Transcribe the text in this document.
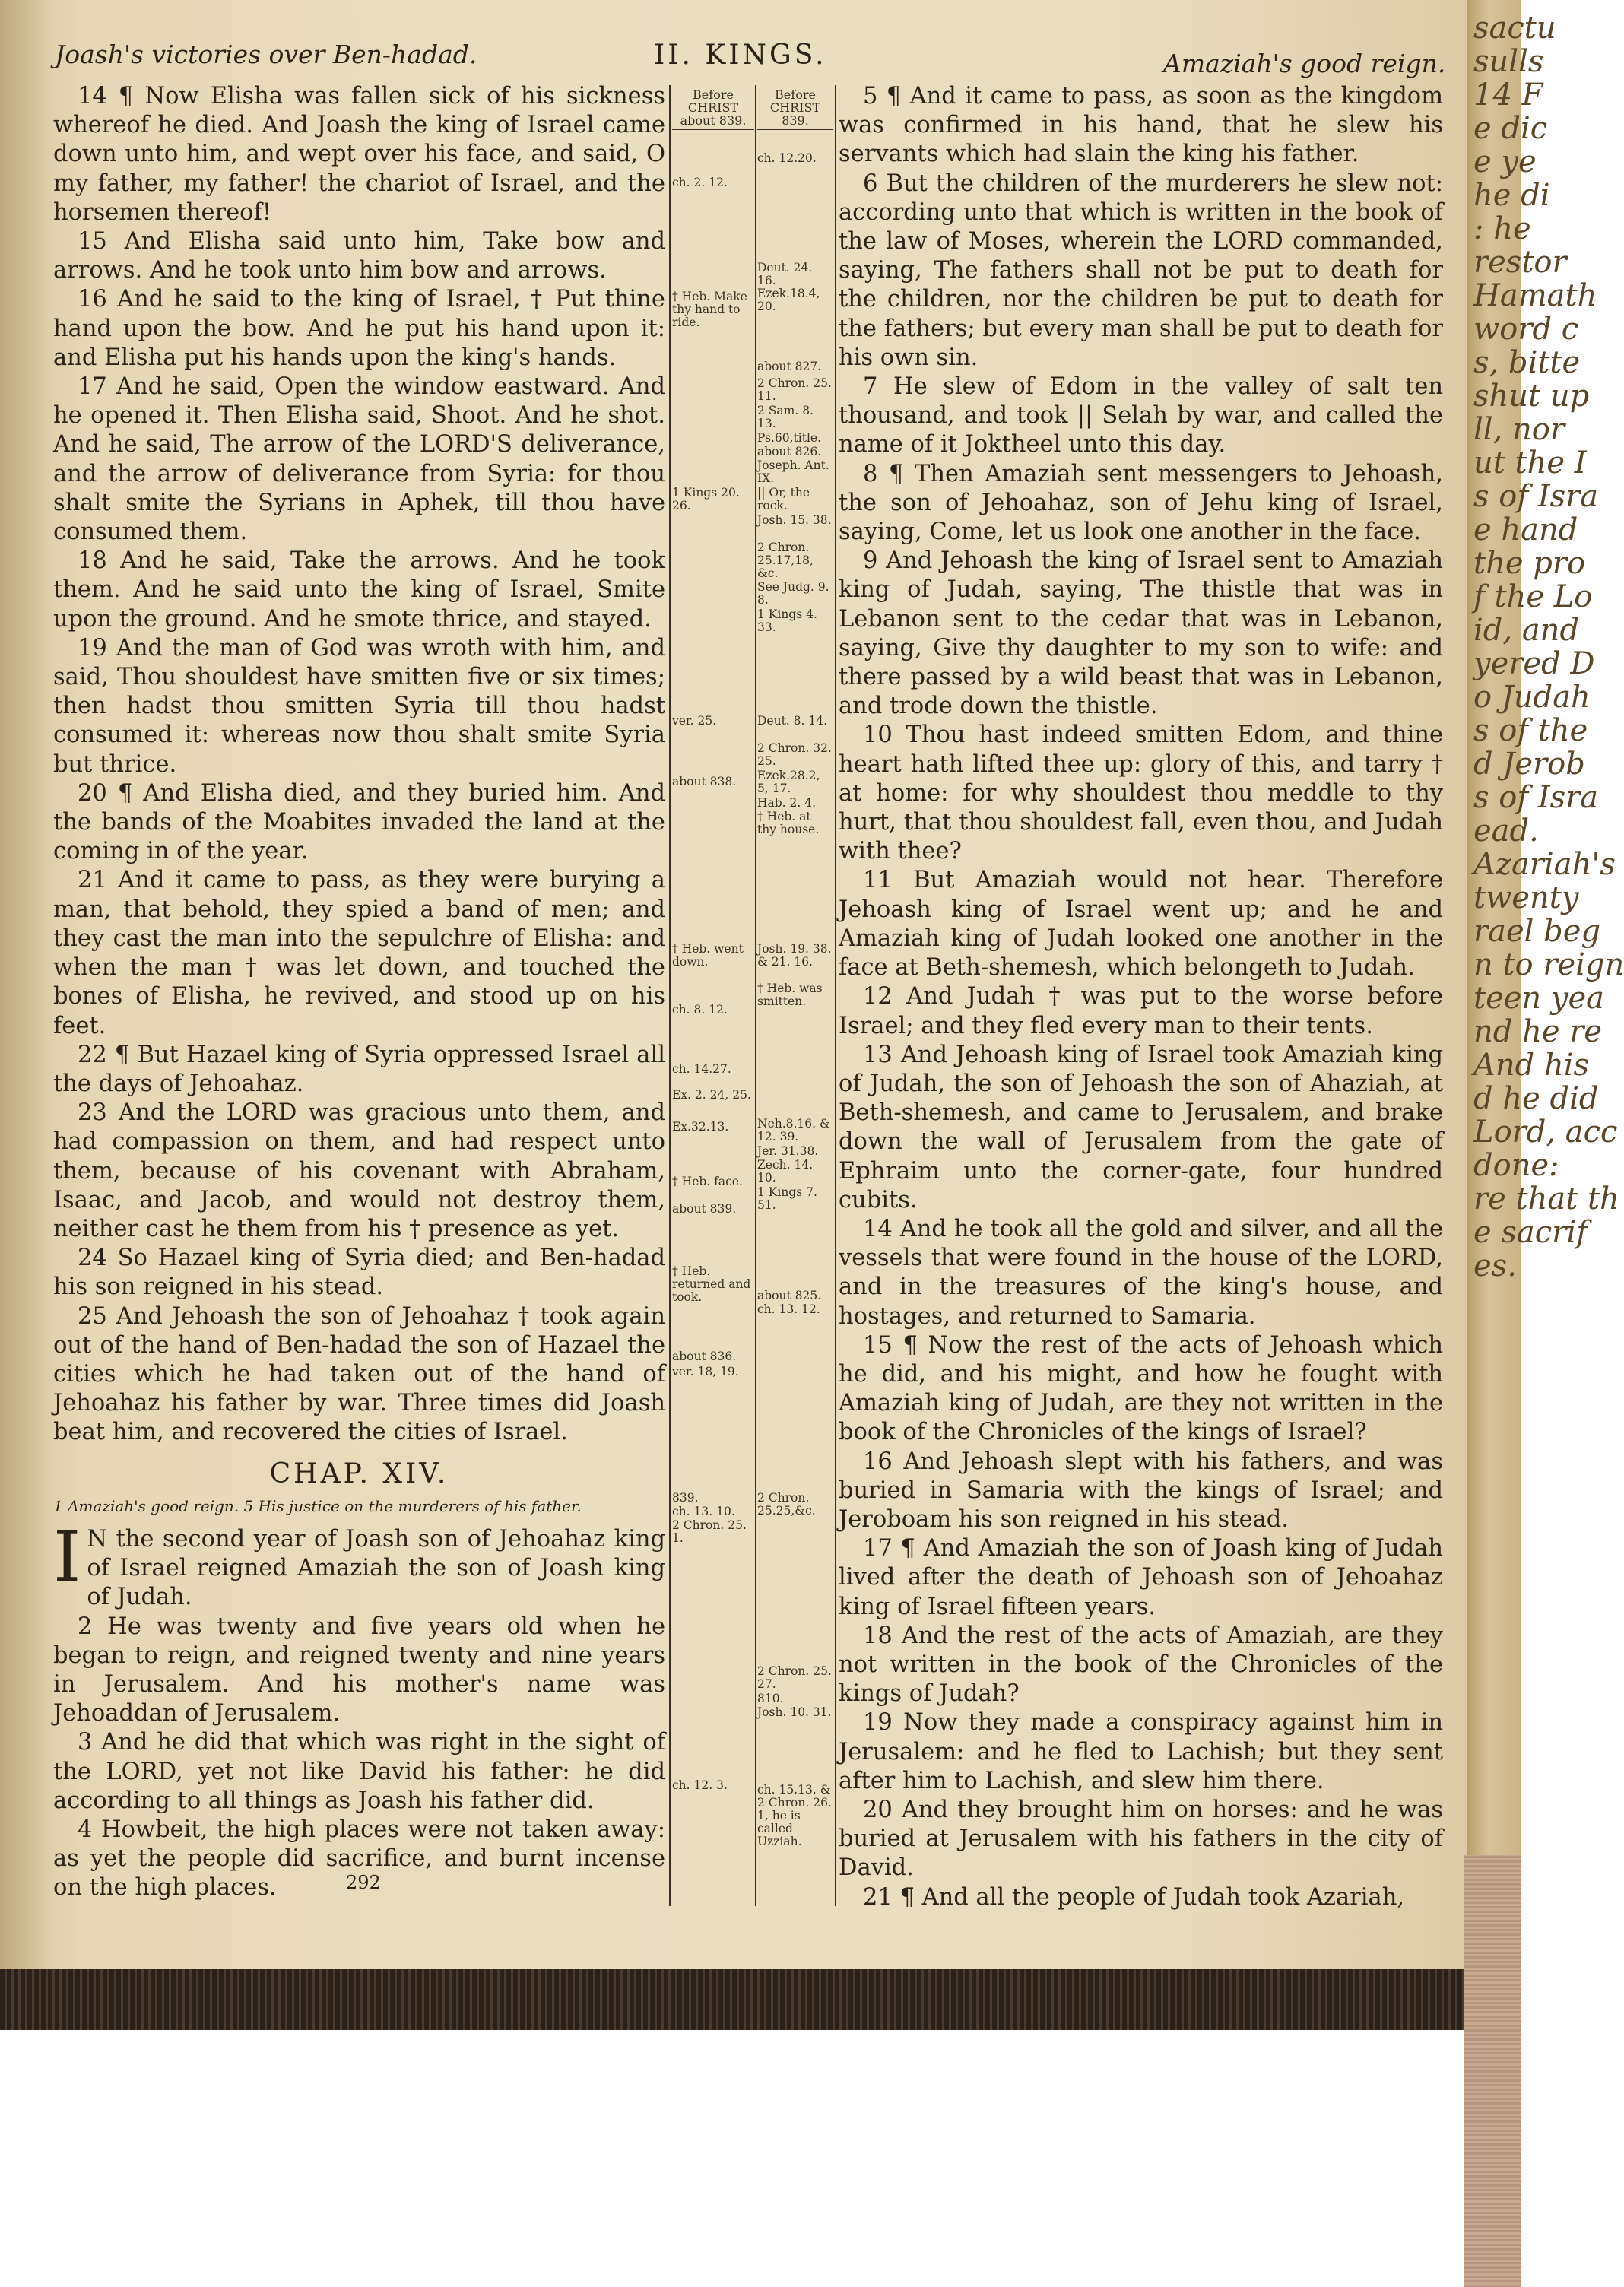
Joash's victories over Ben-hadad.	II. KINGS.	Amaziah's good reign.

14 ¶ Now Elisha was fallen sick of his sickness whereof he died. And Joash the king of Israel came down unto him, and wept over his face, and said, O my father, my father! the chariot of Israel, and the horsemen thereof!

15 And Elisha said unto him, Take bow and arrows. And he took unto him bow and arrows.

16 And he said to the king of Israel, † Put thine hand upon the bow. And he put his hand upon it: and Elisha put his hands upon the king's hands.

17 And he said, Open the window eastward. And he opened it. Then Elisha said, Shoot. And he shot. And he said, The arrow of the LORD'S deliverance, and the arrow of deliverance from Syria: for thou shalt smite the Syrians in Aphek, till thou have consumed them.

18 And he said, Take the arrows. And he took them. And he said unto the king of Israel, Smite upon the ground. And he smote thrice, and stayed.

19 And the man of God was wroth with him, and said, Thou shouldest have smitten five or six times; then hadst thou smitten Syria till thou hadst consumed it: whereas now thou shalt smite Syria but thrice.

20 ¶ And Elisha died, and they buried him. And the bands of the Moabites invaded the land at the coming in of the year.

21 And it came to pass, as they were burying a man, that behold, they spied a band of men; and they cast the man into the sepulchre of Elisha: and when the man † was let down, and touched the bones of Elisha, he revived, and stood up on his feet.

22 ¶ But Hazael king of Syria oppressed Israel all the days of Jehoahaz.

23 And the LORD was gracious unto them, and had compassion on them, and had respect unto them, because of his covenant with Abraham, Isaac, and Jacob, and would not destroy them, neither cast he them from his † presence as yet.

24 So Hazael king of Syria died; and Ben-hadad his son reigned in his stead.

25 And Jehoash the son of Jehoahaz † took again out of the hand of Ben-hadad the son of Hazael the cities which he had taken out of the hand of Jehoahaz his father by war. Three times did Joash beat him, and recovered the cities of Israel.

CHAP. XIV.
1 Amaziah's good reign. 5 His justice on the murderers of his father.

I N the second year of Joash son of Jehoahaz king of Israel reigned Amaziah the son of Joash king of Judah.

2 He was twenty and five years old when he began to reign, and reigned twenty and nine years in Jerusalem. And his mother's name was Jehoaddan of Jerusalem.

3 And he did that which was right in the sight of the LORD, yet not like David his father: he did according to all things as Joash his father did.

4 Howbeit, the high places were not taken away: as yet the people did sacrifice, and burnt incense on the high places.

Before CHRIST about 839.
ch. 2. 12.
† Heb. Make thy hand to ride.
1 Kings 20. 26.
ver. 25.
about 838.
† Heb. went down.
ch. 8. 12.
ch. 14.27.
Ex. 2. 24, 25.
Ex.32.13.
† Heb. face.
about 839.
† Heb. returned and took.
about 836.
ver. 18, 19.
839.
ch. 13. 10.
2 Chron. 25. 1.
ch. 12. 3.
Before CHRIST 839.
ch. 12.20.
Deut. 24. 16.
Ezek.18.4, 20.
about 827.
2 Chron. 25. 11.
2 Sam. 8. 13.
Ps.60,title.
about 826.
Joseph. Ant. IX.
|| Or, the rock.
Josh. 15. 38.
2 Chron. 25.17,18, &c.
See Judg. 9. 8.
1 Kings 4. 33.
Deut. 8. 14.
2 Chron. 32. 25.
Ezek.28.2, 5, 17.
Hab. 2. 4.
† Heb. at thy house.
Josh. 19. 38. & 21. 16.
† Heb. was smitten.
Neh.8.16. & 12. 39.
Jer. 31.38.
Zech. 14. 10.
1 Kings 7. 51.
about 825.
ch. 13. 12.
2 Chron. 25.25,&c.
2 Chron. 25. 27.
810.
Josh. 10. 31.
ch. 15.13. & 2 Chron. 26. 1, he is called Uzziah.

5 ¶ And it came to pass, as soon as the kingdom was confirmed in his hand, that he slew his servants which had slain the king his father.

6 But the children of the murderers he slew not: according unto that which is written in the book of the law of Moses, wherein the LORD commanded, saying, The fathers shall not be put to death for the children, nor the children be put to death for the fathers; but every man shall be put to death for his own sin.

7 He slew of Edom in the valley of salt ten thousand, and took || Selah by war, and called the name of it Joktheel unto this day.

8 ¶ Then Amaziah sent messengers to Jehoash, the son of Jehoahaz, son of Jehu king of Israel, saying, Come, let us look one another in the face.

9 And Jehoash the king of Israel sent to Amaziah king of Judah, saying, The thistle that was in Lebanon sent to the cedar that was in Lebanon, saying, Give thy daughter to my son to wife: and there passed by a wild beast that was in Lebanon, and trode down the thistle.

10 Thou hast indeed smitten Edom, and thine heart hath lifted thee up: glory of this, and tarry † at home: for why shouldest thou meddle to thy hurt, that thou shouldest fall, even thou, and Judah with thee?

11 But Amaziah would not hear. Therefore Jehoash king of Israel went up; and he and Amaziah king of Judah looked one another in the face at Beth-shemesh, which belongeth to Judah.

12 And Judah † was put to the worse before Israel; and they fled every man to their tents.

13 And Jehoash king of Israel took Amaziah king of Judah, the son of Jehoash the son of Ahaziah, at Beth-shemesh, and came to Jerusalem, and brake down the wall of Jerusalem from the gate of Ephraim unto the corner-gate, four hundred cubits.

14 And he took all the gold and silver, and all the vessels that were found in the house of the LORD, and in the treasures of the king's house, and hostages, and returned to Samaria.

15 ¶ Now the rest of the acts of Jehoash which he did, and his might, and how he fought with Amaziah king of Judah, are they not written in the book of the Chronicles of the kings of Israel?

16 And Jehoash slept with his fathers, and was buried in Samaria with the kings of Israel; and Jeroboam his son reigned in his stead.

17 ¶ And Amaziah the son of Joash king of Judah lived after the death of Jehoash son of Jehoahaz king of Israel fifteen years.

18 And the rest of the acts of Amaziah, are they not written in the book of the Chronicles of the kings of Judah?

19 Now they made a conspiracy against him in Jerusalem: and he fled to Lachish; but they sent after him to Lachish, and slew him there.

20 And they brought him on horses: and he was buried at Jerusalem with his fathers in the city of David.

21 ¶ And all the people of Judah took Azariah,

292
sactu
sulls
14 F
e dic
e ye
he di
: he
restor
Hamath
word c
s, bitte
shut up
ll, nor
ut the I
s of Isra
e hand
the pro
f the Lo
id, and
yered D
o Judah
s of the
d Jerob
s of Isra
ead.
Azariah's
twenty
rael beg
n to reign
teen yea
nd he re
And his
d he did
Lord, acc
done:
re that th
e sacrif
es.
